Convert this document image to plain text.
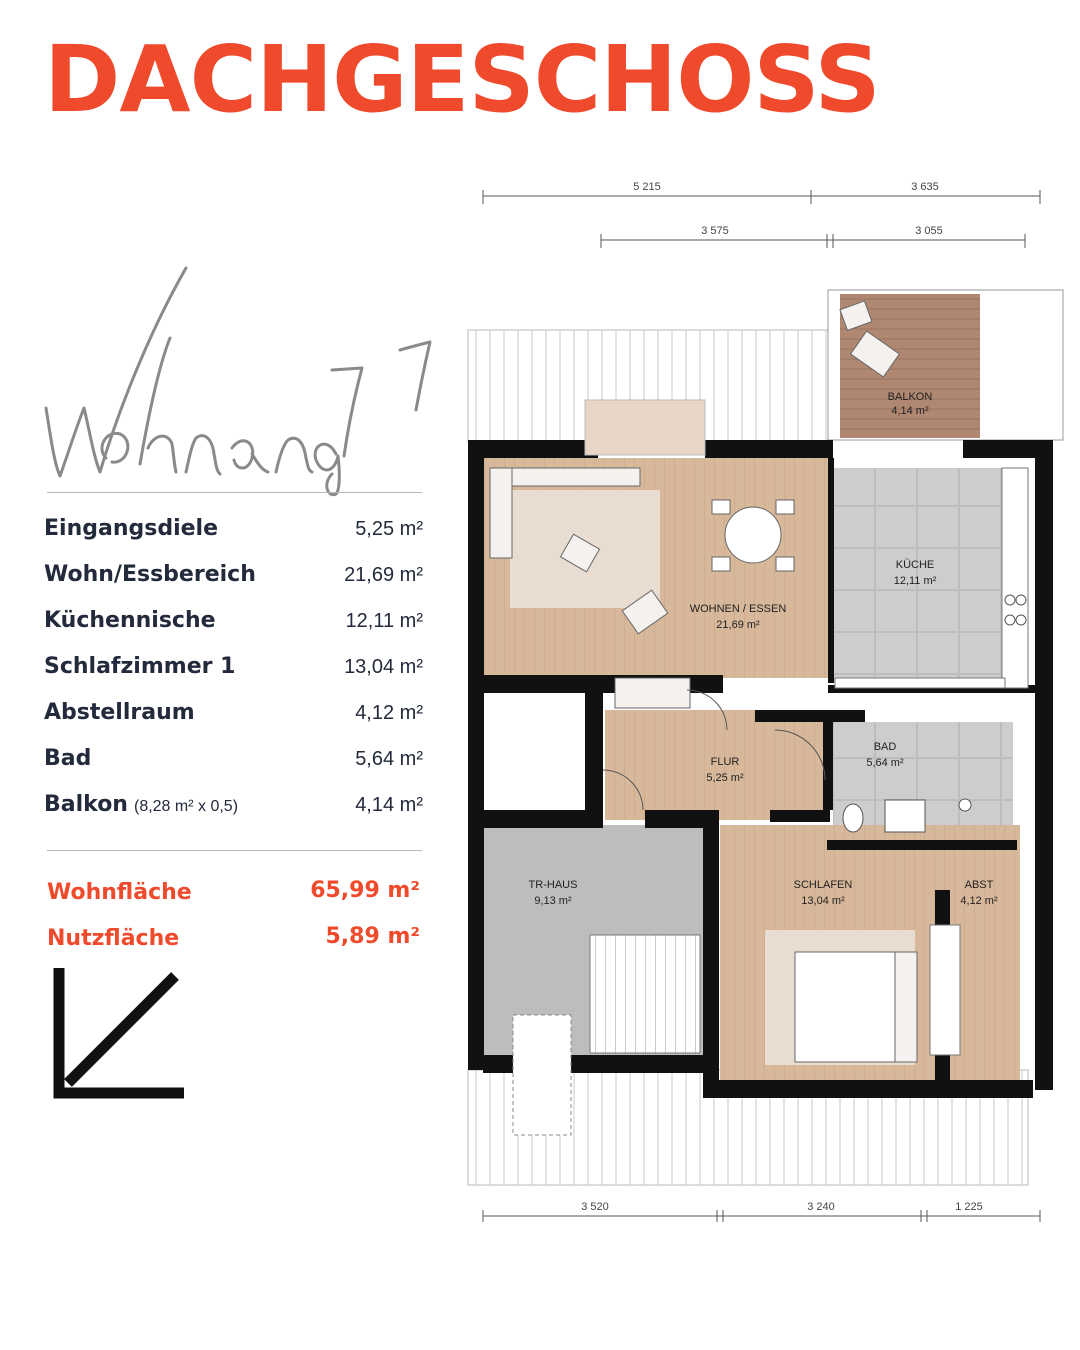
DACHGESCHOSS
Eingangsdiele	5,25 m²
Wohn/Essbereich	21,69 m²
Küchennische	12,11 m²
Schlafzimmer 1	13,04 m²
Abstellraum	4,12 m²
Bad	5,64 m²
Balkon (8,28 m² x 0,5)	4,14 m²
Wohnfläche	65,99 m²
Nutzfläche	5,89 m²
5 215	3 635
3 575	3 055
BALKON
4,14 m²
WOHNEN / ESSEN
21,69 m²
KÜCHE
12,11 m²
FLUR
5,25 m²
BAD
5,64 m²
TR-HAUS
9,13 m²
SCHLAFEN
13,04 m²
ABST
4,12 m²
3 520	3 240	1 225
